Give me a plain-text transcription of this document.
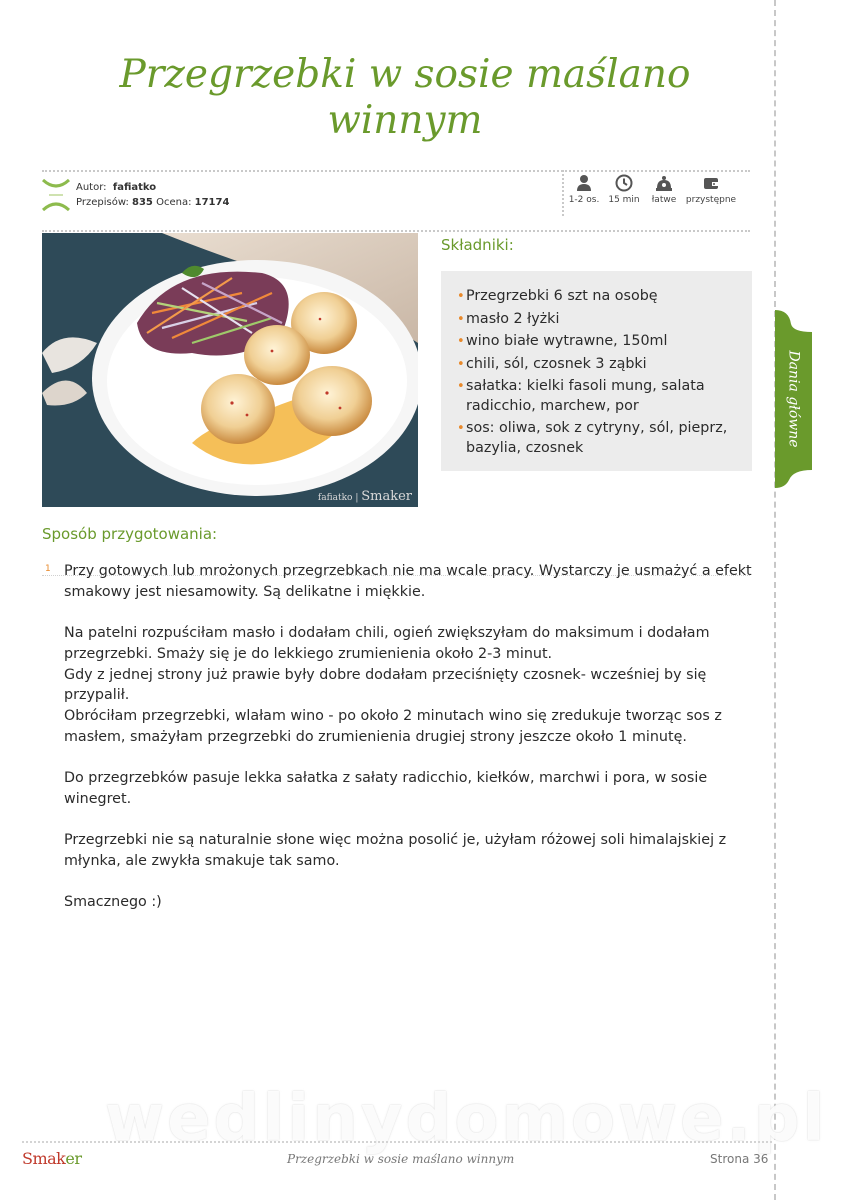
Przegrzebki w sosie maślano winnym
Autor: fafiatko
Przepisów: 835 Ocena: 17174	1-2 os.	15 min	łatwe	przystępne
fafiatko | Smaker
Składniki:
• Przegrzebki 6 szt na osobę
• masło 2 łyżki
• wino białe wytrawne, 150ml
• chili, sól, czosnek 3 ząbki
• sałatka: kielki fasoli mung, salata radicchio, marchew, por
• sos: oliwa, sok z cytryny, sól, pieprz, bazylia, czosnek
Sposób przygotowania:
1 Przy gotowych lub mrożonych przegrzebkach nie ma wcale pracy. Wystarczy je usmażyć a efekt smakowy jest niesamowity. Są delikatne i miękkie.

Na patelni rozpuściłam masło i dodałam chili, ogień zwiększyłam do maksimum i dodałam przegrzebki. Smaży się je do lekkiego zrumienienia około 2-3 minut.
Gdy z jednej strony już prawie były dobre dodałam przeciśnięty czosnek- wcześniej by się przypalił.
Obróciłam przegrzebki, wlałam wino - po około 2 minutach wino się zredukuje tworząc sos z masłem, smażyłam przegrzebki do zrumienienia drugiej strony jeszcze około 1 minutę.

Do przegrzebków pasuje lekka sałatka z sałaty radicchio, kiełków, marchwi i pora, w sosie winegret.

Przegrzebki nie są naturalnie słone więc można posolić je, użyłam różowej soli himalajskiej z młynka, ale zwykła smakuje tak samo.

Smacznego :)

Dania główne
wedlinydomowe.pl
Smaker	Przegrzebki w sosie maślano winnym	Strona 36
